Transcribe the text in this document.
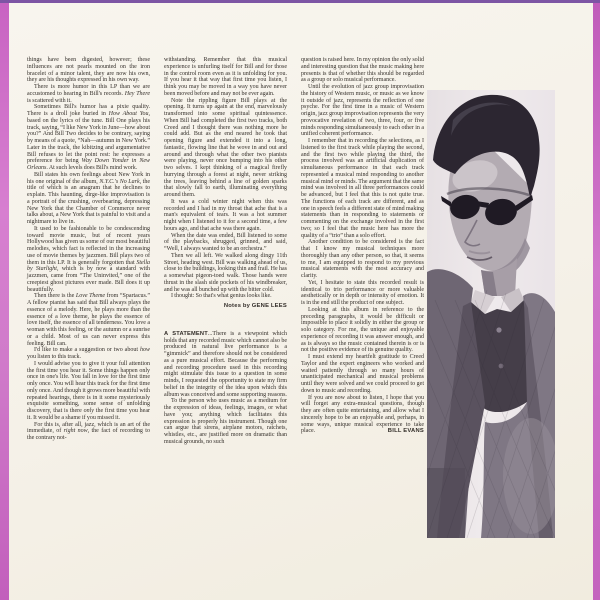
things have been digested, however; these influences are not pearls mounted on the iron bracelet of a minor talent, they are now his own, they are his thoughts expressed in his own way.

There is more humor in this LP than we are accustomed to hearing in Bill's records. Hey There is scattered with it.

Sometimes Bill's humor has a pixie quality. There is a droll joke buried in How About You, based on the lyrics of the tune. Bill One plays his track, saying, “I like New York in June—how about you?” And Bill Two decides to be contrary, saying by means of a quote, “Nah—autumn in New York.” Later in the track, the kibitzing and argumentative Bill refuses to let the point rest: he expresses a preference for being Way Down Yonder in New Orleans. At such levels does Bill's mind work.

Bill states his own feelings about New York in his one original of the album, N.Y.C.'s No Lark, the title of which is an anagram that he declines to explain. This haunting, dirge-like improvisation is a portrait of the crushing, overbearing, depressing New York that the Chamber of Commerce never talks about, a New York that is painful to visit and a nightmare to live in.

It used to be fashionable to be condescending toward movie music, but of recent years Hollywood has given us some of our most beautiful melodies, which fact is reflected in the increasing use of movie themes by jazzmen. Bill plays two of them in this LP. It is generally forgotten that Stella by Starlight, which is by now a standard with jazzmen, came from “The Uninvited,” one of the creepiest ghost pictures ever made. Bill does it up beautifully.

Then there is the Love Theme from “Spartacus.” A fellow pianist has said that Bill always plays the essence of a melody. Here, he plays more than the essence of a love theme, he plays the essence of love itself, the essence of all tenderness. You love a woman with this feeling, or the autumn or a sunrise or a child. Most of us can never express this feeling. Bill can.

I'd like to make a suggestion or two about how you listen to this track.

I would advise you to give it your full attention the first time you hear it. Some things happen only once in one's life. You fall in love for the first time only once. You will hear this track for the first time only once. And though it grows more beautiful with repeated hearings, there is in it some mysteriously exquisite something, some sense of unfolding discovery, that is there only the first time you hear it. It would be a shame if you missed it.

For this is, after all, jazz, which is an art of the immediate, of right now, the fact of recording to the contrary not-

withstanding. Remember that this musical experience is unfurling itself for Bill and for those in the control room even as it is unfolding for you. If you hear it that way that first time you listen, I think you may be moved in a way you have never been moved before and may not be ever again.

Note the rippling figure Bill plays at the opening. It turns up again at the end, marvelously transformed into some spiritual quintessence. When Bill had completed the first two tracks, both Creed and I thought there was nothing more he could add. But as the end neared he took that opening figure and extended it into a long, fantastic, flowing line that he wove in and out and around and through what the other two pianists were playing, never once bumping into his other two selves. I kept thinking of a magical firefly hurrying through a forest at night, never striking the trees, leaving behind a line of golden sparks that slowly fall to earth, illuminating everything around them.

It was a cold winter night when this was recorded and I had in my throat that ache that is a man's equivalent of tears. It was a hot summer night when I listened to it for a second time, a few hours ago, and that ache was there again.

When the date was ended, Bill listened to some of the playbacks, shrugged, grinned, and said, “Well, I always wanted to be an orchestra.”

Then we all left. We walked along dingy 11th Street, heading west. Bill was walking ahead of us, close to the buildings, looking thin and frail. He has a somewhat pigeon-toed walk. Those hands were thrust in the slash side pockets of his windbreaker, and he was all bunched up with the bitter cold.

I thought: So that's what genius looks like.

Notes by GENE LEES

A STATEMENT...There is a viewpoint which holds that any recorded music which cannot also be produced in natural live performance is a “gimmick” and therefore should not be considered as a pure musical effort. Because the performing and recording procedure used in this recording might stimulate this issue to a question in some minds, I requested the opportunity to state my firm belief in the integrity of the idea upon which this album was conceived and some supporting reasons.

To the person who uses music as a medium for the expression of ideas, feelings, images, or what have you; anything which facilitates this expression is properly his instrument. Though one can argue that sirens, airplane motors, ratchets, whistles, etc., are justified more on dramatic than musical grounds, no such

question is raised here. In my opinion the only solid and interesting question that the music making here presents is that of whether this should be regarded as a group or solo musical performance.

Until the evolution of jazz group improvisation the history of Western music, or music as we know it outside of jazz, represents the reflection of one psyche. For the first time in a music of Western origin, jazz group improvisation represents the very provocative revelation of two, three, four, or five minds responding simultaneously to each other in a unified coherent performance.

I remember that in recording the selections, as I listened to the first track while playing the second, and the first two while playing the third, the process involved was an artificial duplication of simultaneous performance in that each track represented a musical mind responding to another musical mind or minds. The argument that the same mind was involved in all three performances could be advanced, but I feel that this is not quite true. The functions of each track are different, and as one in speech feels a different state of mind making statements than in responding to statements or commenting on the exchange involved in the first two; so I feel that the music here has more the quality of a “trio” than a solo effort.

Another condition to be considered is the fact that I know my musical techniques more thoroughly than any other person, so that, it seems to me, I am equipped to respond to my previous musical statements with the most accuracy and clarity.

Yet, I hesitate to state this recorded result is identical to trio performance or more valuable aesthetically or in depth or intensity of emotion. It is in the end still the product of one subject.

Looking at this album in reference to the preceding paragraphs, it would be difficult or impossible to place it solidly in either the group or solo category. For me, the unique and enjoyable experience of recording it was answer enough, and as is always so the music contained therein is or is not the positive evidence of its genuine quality.

I must extend my heartfelt gratitude to Creed Taylor and the expert engineers who worked and waited patiently through so many hours of unanticipated mechanical and musical problems until they were solved and we could proceed to get down to music and recording.

If you are now about to listen, I hope that you will forget any extra-musical questions, though they are often quite entertaining, and allow what I sincerely hope to be an enjoyable and, perhaps, in some ways, unique musical experience to take place.	BILL EVANS
